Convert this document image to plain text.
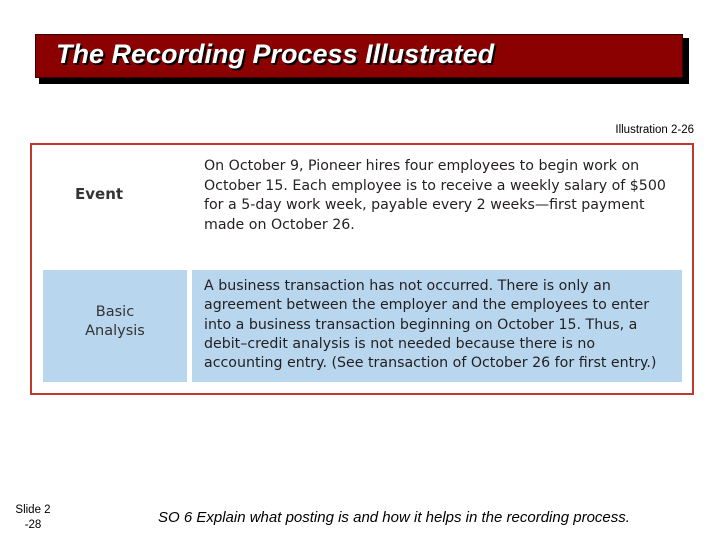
The Recording Process Illustrated
Illustration 2-26
Event
On October 9, Pioneer hires four employees to begin work on October 15. Each employee is to receive a weekly salary of $500 for a 5-day work week, payable every 2 weeks—first payment made on October 26.
Basic Analysis
A business transaction has not occurred. There is only an agreement between the employer and the employees to enter into a business transaction beginning on October 15. Thus, a debit–credit analysis is not needed because there is no accounting entry. (See transaction of October 26 for first entry.)
Slide 2
-28	SO 6 Explain what posting is and how it helps in the recording process.
